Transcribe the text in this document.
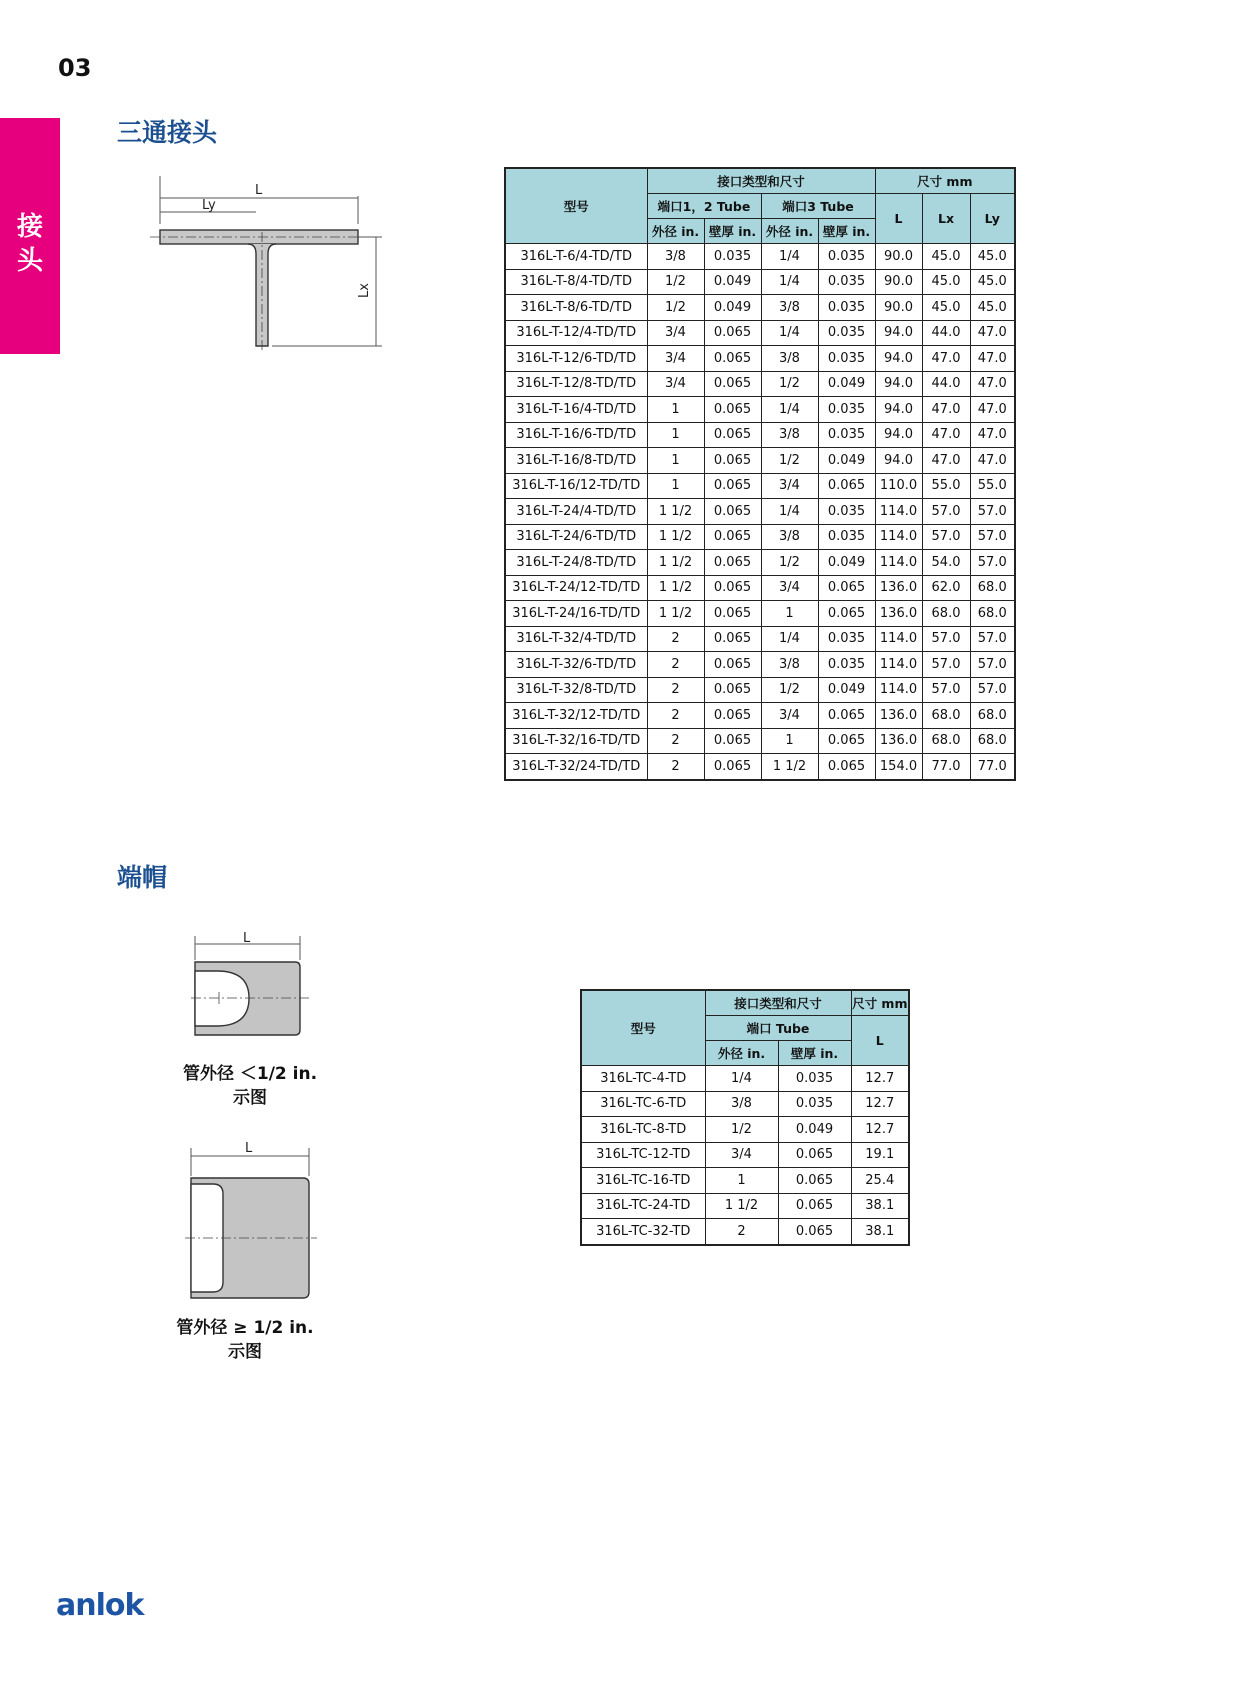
03
接
头
三通接头
L
Ly
Lx
型号	接口类型和尺寸				尺寸 mm		
	端口1，2 Tube		端口3 Tube		L	Lx	Ly
	外径 in.	壁厚 in.	外径 in.	壁厚 in.			
316L-T-6/4-TD/TD	3/8	0.035	1/4	0.035	90.0	45.0	45.0
316L-T-8/4-TD/TD	1/2	0.049	1/4	0.035	90.0	45.0	45.0
316L-T-8/6-TD/TD	1/2	0.049	3/8	0.035	90.0	45.0	45.0
316L-T-12/4-TD/TD	3/4	0.065	1/4	0.035	94.0	44.0	47.0
316L-T-12/6-TD/TD	3/4	0.065	3/8	0.035	94.0	47.0	47.0
316L-T-12/8-TD/TD	3/4	0.065	1/2	0.049	94.0	44.0	47.0
316L-T-16/4-TD/TD	1	0.065	1/4	0.035	94.0	47.0	47.0
316L-T-16/6-TD/TD	1	0.065	3/8	0.035	94.0	47.0	47.0
316L-T-16/8-TD/TD	1	0.065	1/2	0.049	94.0	47.0	47.0
316L-T-16/12-TD/TD	1	0.065	3/4	0.065	110.0	55.0	55.0
316L-T-24/4-TD/TD	1 1/2	0.065	1/4	0.035	114.0	57.0	57.0
316L-T-24/6-TD/TD	1 1/2	0.065	3/8	0.035	114.0	57.0	57.0
316L-T-24/8-TD/TD	1 1/2	0.065	1/2	0.049	114.0	54.0	57.0
316L-T-24/12-TD/TD	1 1/2	0.065	3/4	0.065	136.0	62.0	68.0
316L-T-24/16-TD/TD	1 1/2	0.065	1	0.065	136.0	68.0	68.0
316L-T-32/4-TD/TD	2	0.065	1/4	0.035	114.0	57.0	57.0
316L-T-32/6-TD/TD	2	0.065	3/8	0.035	114.0	57.0	57.0
316L-T-32/8-TD/TD	2	0.065	1/2	0.049	114.0	57.0	57.0
316L-T-32/12-TD/TD	2	0.065	3/4	0.065	136.0	68.0	68.0
316L-T-32/16-TD/TD	2	0.065	1	0.065	136.0	68.0	68.0
316L-T-32/24-TD/TD	2	0.065	1 1/2	0.065	154.0	77.0	77.0
端帽
L
管外径 ＜1/2 in.
示图
L
管外径 ≥ 1/2 in.
示图
型号	接口类型和尺寸		尺寸 mm
	端口 Tube		L
	外径 in.	壁厚 in.	
316L-TC-4-TD	1/4	0.035	12.7
316L-TC-6-TD	3/8	0.035	12.7
316L-TC-8-TD	1/2	0.049	12.7
316L-TC-12-TD	3/4	0.065	19.1
316L-TC-16-TD	1	0.065	25.4
316L-TC-24-TD	1 1/2	0.065	38.1
316L-TC-32-TD	2	0.065	38.1
anlok
